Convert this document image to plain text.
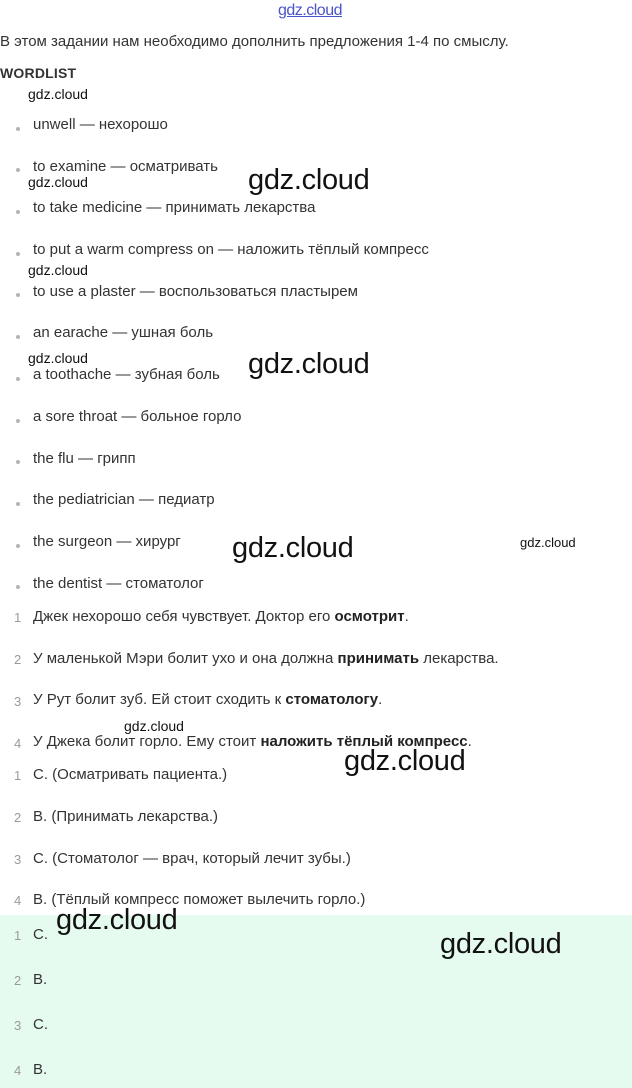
gdz.cloud
В этом задании нам необходимо дополнить предложения 1-4 по смыслу.
WORDLIST
unwell — нехорошо
to examine — осматривать
to take medicine — принимать лекарства
to put a warm compress on — наложить тёплый компресс
to use a plaster — воспользоваться пластырем
an earache — ушная боль
a toothache — зубная боль
a sore throat — больное горло
the flu — грипп
the pediatrician — педиатр
the surgeon — хирург
the dentist — стоматолог
1 Джек нехорошо себя чувствует. Доктор его осмотрит.
2 У маленькой Мэри болит ухо и она должна принимать лекарства.
3 У Рут болит зуб. Ей стоит сходить к стоматологу.
4 У Джека болит горло. Ему стоит наложить тёплый компресс.
1 С. (Осматривать пациента.)
2 В. (Принимать лекарства.)
3 С. (Стоматолог — врач, который лечит зубы.)
4 В. (Тёплый компресс поможет вылечить горло.)
1 С.
2 В.
3 С.
4 В.
gdz.cloud
gdz.cloud
gdz.cloud
gdz.cloud
gdz.cloud
gdz.cloud
gdz.cloud
gdz.cloud
gdz.cloud
gdz.cloud
gdz.cloud
gdz.cloud
